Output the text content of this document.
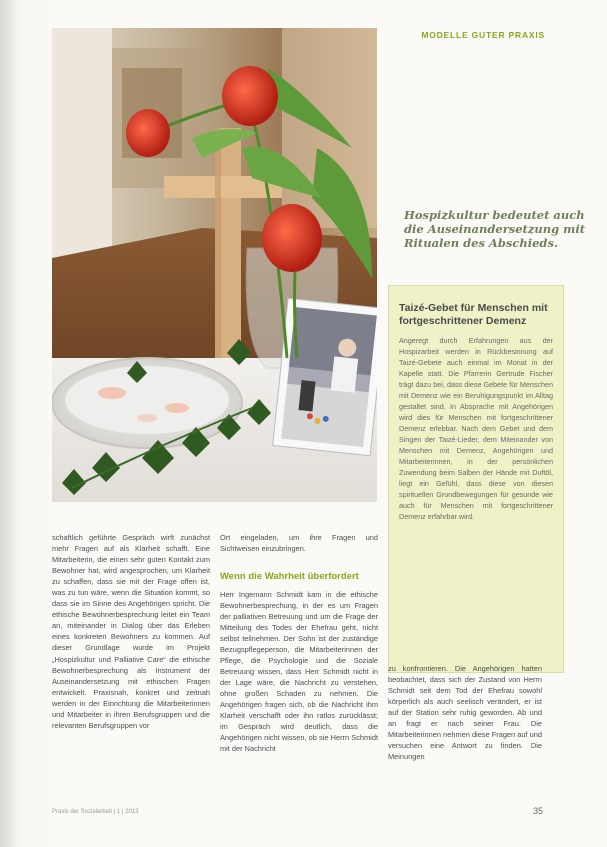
MODELLE GUTER PRAXIS
Hospizkultur bedeutet auch die Auseinandersetzung mit Ritualen des Abschieds.
Taizé-Gebet für Menschen mit fortgeschrittener Demenz
Angeregt durch Erfahrungen aus der Hospizarbeit werden in Rückbesinnung auf Taizé-Gebete auch einmal im Monat in der Kapelle statt. Die Pfarrerin Gertrude Fischer trägt dazu bei, dass diese Gebete für Menschen mit Demenz wie ein Beruhigungspunkt im Alltag gestaltet sind. In Absprache mit Angehörigen wird dies für Menschen mit fortgeschrittener Demenz erlebbar. Nach dem Gebet und dem Singen der Taizé-Lieder, dem Miteinander von Menschen mit Demenz, Angehörigen und Mitarbeiterinnen, in der persönlichen Zuwendung beim Salben der Hände mit Duftöl, liegt ein Gefühl, dass diese von diesen spirituellen Grundbewegungen für gesunde wie auch für Menschen mit fortgeschrittener Demenz erfahrbar wird.

schaftlich geführte Gespräch wirft zunächst mehr Fragen auf als Klarheit schafft. Eine Mitarbeiterin, die einen sehr guten Kontakt zum Bewohner hat, wird angesprochen, um Klarheit zu schaffen, dass sie mit der Frage offen ist, was zu tun wäre, wenn die Situation kommt, so dass sie im Sinne des Angehörigen spricht. Die ethische Bewohnerbesprechung leitet ein Team an, miteinander in Dialog über das Erleben eines konkreten Bewohners zu kommen. Auf dieser Grundlage wurde im Projekt „Hospizkultur und Palliative Care“ die ethische Bewohnerbesprechung als Instrument der Auseinandersetzung mit ethischen Fragen entwickelt. Praxisnah, konkret und zeitnah werden in der Einrichtung die Mitarbeiterinnen und Mitarbeiter in ihren Berufsgruppen und die relevanten Berufsgruppen vor

Ort eingeladen, um ihre Fragen und Sichtweisen einzubringen.

Wenn die Wahrheit überfordert

Herr Ingemann Schmidt kam in die ethische Bewohnerbesprechung, in der es um Fragen der palliativen Betreuung und um die Frage der Mitteilung des Todes der Ehefrau geht, nicht selbst teilnehmen. Der Sohn ist der zuständige Bezugspflegeperson, die Mitarbeiterinnen der Pflege, die Psychologie und die Soziale Betreuung wissen, dass Herr Schmidt nicht in der Lage wäre, die Nachricht zu verstehen, ohne großen Schaden zu nehmen. Die Angehörigen fragen sich, ob die Nachricht ihm Klarheit verschafft oder ihn ratlos zurücklässt; im Gespräch wird deutlich, dass die Angehörigen nicht wissen, ob sie Herrn Schmidt mit der Nachricht

zu konfrontieren. Die Angehörigen hatten beobachtet, dass sich der Zustand von Herrn Schmidt seit dem Tod der Ehefrau sowohl körperlich als auch seelisch verändert, er ist auf der Station sehr ruhig geworden. Ab und an fragt er nach seiner Frau. Die Mitarbeiterinnen nehmen diese Fragen auf und versuchen eine Antwort zu finden. Die Meinungen

Praxis der Sozialarbeit | 1 | 2013	35
